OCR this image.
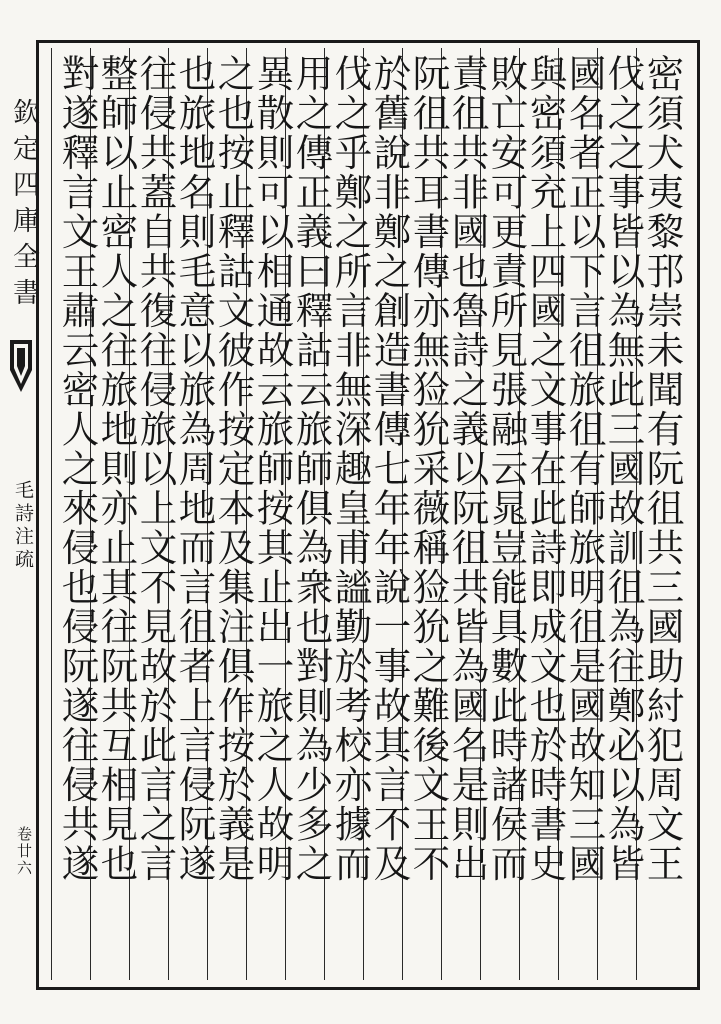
欽定四庫全書
毛詩注疏
卷廿六	密須犬夷黎邘崇未聞有阮徂共三國助紂犯周文王
伐之之事皆以為無此三國故訓徂為往鄭必以為皆
國名者正以下言徂旅徂有師旅明徂是國故知三國
與密須充上四國之文事在此詩即成文也於時書史
敗亡安可更責所見張融云晁豈能具數此時諸侯而
責徂共非國也魯詩之義以阮徂共皆為國名是則出
阮徂共耳書傳亦無猃狁采薇稱猃狁之難後文王不
於舊說非鄭之創造書傳七年年說一事故其言不及
伐之乎鄭之所言非無深趣皇甫謐勤於考校亦據而
用之傳正義曰釋詁云旅師俱為衆也對則為少多之
異散則可以相通故云旅師按其止出一旅之人故明
之也按止釋詁文彼作按定本及集注俱作按於義是
也旅地名則毛意以旅為周地而言徂者上言侵阮遂
往侵共蓋自共復往侵旅以上文不見故於此言之言
整師以止密人之往旅地則亦止其往阮共互相見也
對遂釋言文王肅云密人之來侵也侵阮遂往侵共遂
